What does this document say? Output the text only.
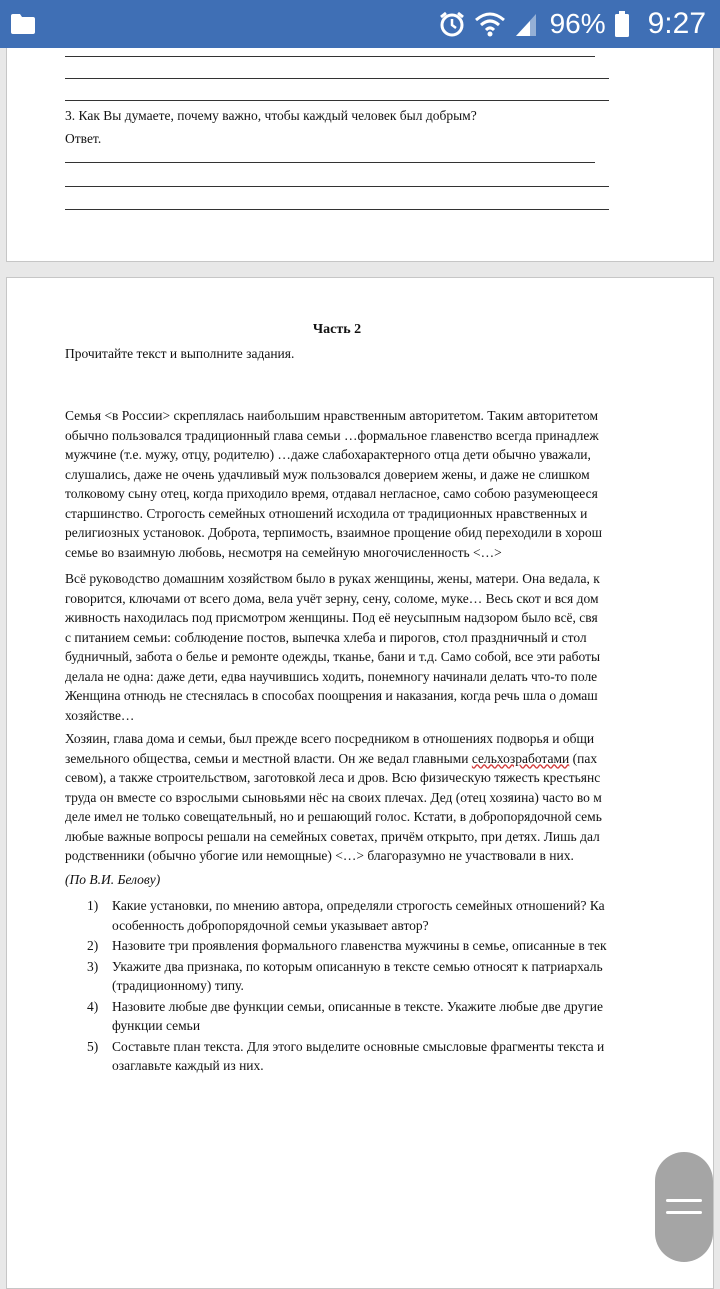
96% 9:27
3. Как Вы думаете, почему важно, чтобы каждый человек был добрым?
Ответ.
Часть 2
Прочитайте текст и выполните задания.
Семья <в России> скреплялась наибольшим нравственным авторитетом. Таким авторитетом
обычно пользовался традиционный глава семьи …формальное главенство всегда принадлеж
мужчине (т.е. мужу, отцу, родителю) …даже слабохарактерного отца дети обычно уважали,
слушались, даже не очень удачливый муж пользовался доверием жены, и даже не слишком
толковому сыну отец, когда приходило время, отдавал негласное, само собою разумеющееся
старшинство. Строгость семейных отношений исходила от традиционных нравственных и
религиозных установок. Доброта, терпимость, взаимное прощение обид переходили в хорош
семье во взаимную любовь, несмотря на семейную многочисленность <…>
Всё руководство домашним хозяйством было в руках женщины, жены, матери. Она ведала, к
говорится, ключами от всего дома, вела учёт зерну, сену, соломе, муке… Весь скот и вся дом
живность находилась под присмотром женщины. Под её неусыпным надзором было всё, свя
с питанием семьи: соблюдение постов, выпечка хлеба и пирогов, стол праздничный и стол
будничный, забота о белье и ремонте одежды, тканье, бани и т.д. Само собой, все эти работы
делала не одна: даже дети, едва научившись ходить, понемногу начинали делать что-то поле
Женщина отнюдь не стеснялась в способах поощрения и наказания, когда речь шла о домаш
хозяйстве…
Хозяин, глава дома и семьи, был прежде всего посредником в отношениях подворья и общи
земельного общества, семьи и местной власти. Он же ведал главными сельхозработами (пах
севом), а также строительством, заготовкой леса и дров. Всю физическую тяжесть крестьянс
труда он вместе со взрослыми сыновьями нёс на своих плечах. Дед (отец хозяина) часто во м
деле имел не только совещательный, но и решающий голос. Кстати, в добропорядочной семь
любые важные вопросы решали на семейных советах, причём открыто, при детях. Лишь дал
родственники (обычно убогие или немощные) <…> благоразумно не участвовали в них.
(По В.И. Белову)
1)	Какие установки, по мнению автора, определяли строгость семейных отношений? Ка
особенность добропорядочной семьи указывает автор?
2)	Назовите три проявления формального главенства мужчины в семье, описанные в тек
3)	Укажите два признака, по которым описанную в тексте семью относят к патриархаль
(традиционному) типу.
4)	Назовите любые две функции семьи, описанные в тексте. Укажите любые две другие
функции семьи
5)	Составьте план текста. Для этого выделите основные смысловые фрагменты текста и
озаглавьте каждый из них.
